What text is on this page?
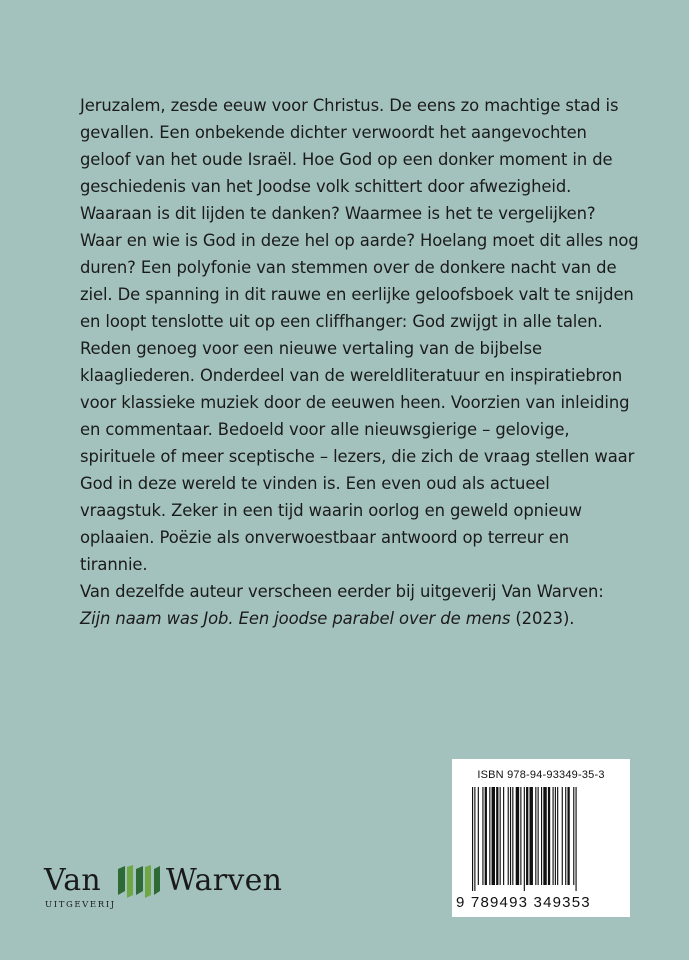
Jeruzalem, zesde eeuw voor Christus. De eens zo machtige stad is gevallen. Een onbekende dichter verwoordt het aangevochten geloof van het oude Israël. Hoe God op een donker moment in de geschiedenis van het Joodse volk schittert door afwezigheid. Waaraan is dit lijden te danken? Waarmee is het te vergelijken? Waar en wie is God in deze hel op aarde? Hoelang moet dit alles nog duren? Een polyfonie van stemmen over de donkere nacht van de ziel. De spanning in dit rauwe en eerlijke geloofsboek valt te snijden en loopt tenslotte uit op een cliffhanger: God zwijgt in alle talen.

Reden genoeg voor een nieuwe vertaling van de bijbelse klaagliederen. Onderdeel van de wereldliteratuur en inspiratiebron voor klassieke muziek door de eeuwen heen. Voorzien van inleiding en commentaar. Bedoeld voor alle nieuwsgierige – gelovige, spirituele of meer sceptische – lezers, die zich de vraag stellen waar God in deze wereld te vinden is. Een even oud als actueel vraagstuk. Zeker in een tijd waarin oorlog en geweld opnieuw oplaaien. Poëzie als onverwoestbaar antwoord op terreur en tirannie.

Van dezelfde auteur verscheen eerder bij uitgeverij Van Warven:
Zijn naam was Job. Een joodse parabel over de mens (2023).

ISBN 978-94-93349-35-3
9 789493 349353
Van Warven
UITGEVERIJ
